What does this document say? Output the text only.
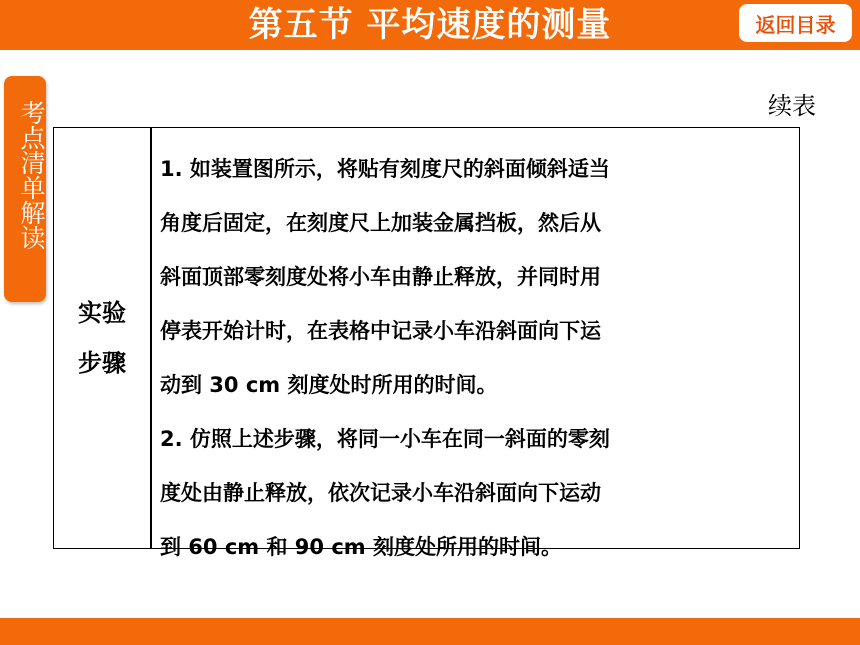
第五节 平均速度的测量	返回目录
考点清单解读	续表
实验
步骤
1. 如装置图所示，将贴有刻度尺的斜面倾斜适当
角度后固定，在刻度尺上加装金属挡板，然后从
斜面顶部零刻度处将小车由静止释放，并同时用
停表开始计时，在表格中记录小车沿斜面向下运
动到 30 cm 刻度处时所用的时间。
2. 仿照上述步骤，将同一小车在同一斜面的零刻
度处由静止释放，依次记录小车沿斜面向下运动
到 60 cm 和 90 cm 刻度处所用的时间。
